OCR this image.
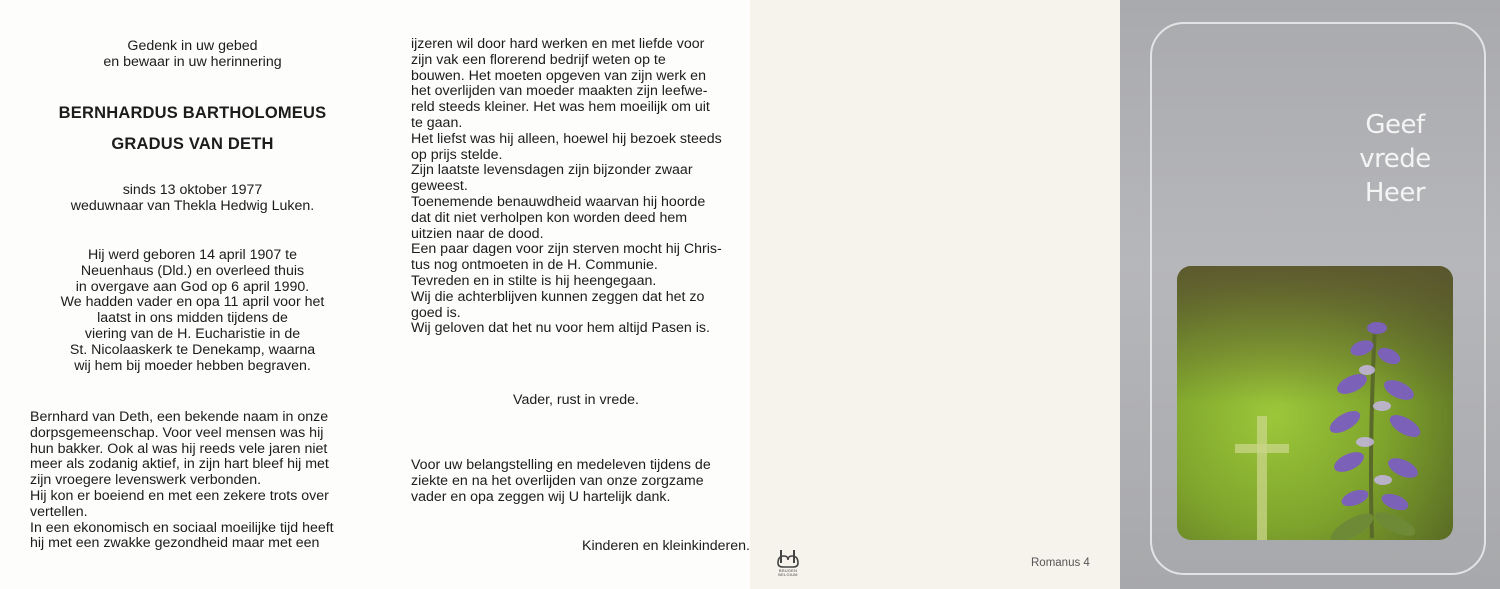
Gedenk in uw gebed
en bewaar in uw herinnering
BERNHARDUS BARTHOLOMEUS
GRADUS VAN DETH
sinds 13 oktober 1977
weduwnaar van Thekla Hedwig Luken.
Hij werd geboren 14 april 1907 te
Neuenhaus (Dld.) en overleed thuis
in overgave aan God op 6 april 1990.
We hadden vader en opa 11 april voor het
laatst in ons midden tijdens de
viering van de H. Eucharistie in de
St. Nicolaaskerk te Denekamp, waarna
wij hem bij moeder hebben begraven.
Bernhard van Deth, een bekende naam in onze
dorpsgemeenschap. Voor veel mensen was hij
hun bakker. Ook al was hij reeds vele jaren niet
meer als zodanig aktief, in zijn hart bleef hij met
zijn vroegere levenswerk verbonden.
Hij kon er boeiend en met een zekere trots over
vertellen.
In een ekonomisch en sociaal moeilijke tijd heeft
hij met een zwakke gezondheid maar met een
ijzeren wil door hard werken en met liefde voor
zijn vak een florerend bedrijf weten op te
bouwen. Het moeten opgeven van zijn werk en
het overlijden van moeder maakten zijn leefwe-
reld steeds kleiner. Het was hem moeilijk om uit
te gaan.
Het liefst was hij alleen, hoewel hij bezoek steeds
op prijs stelde.
Zijn laatste levensdagen zijn bijzonder zwaar
geweest.
Toenemende benauwdheid waarvan hij hoorde
dat dit niet verholpen kon worden deed hem
uitzien naar de dood.
Een paar dagen voor zijn sterven mocht hij Chris-
tus nog ontmoeten in de H. Communie.
Tevreden en in stilte is hij heengegaan.
Wij die achterblijven kunnen zeggen dat het zo
goed is.
Wij geloven dat het nu voor hem altijd Pasen is.
Vader, rust in vrede.
Voor uw belangstelling en medeleven tijdens de
ziekte en na het overlijden van onze zorgzame
vader en opa zeggen wij U hartelijk dank.
Kinderen en kleinkinderen.
BRUGEN
BELGIUM
Romanus 4
Geef
vrede
Heer
